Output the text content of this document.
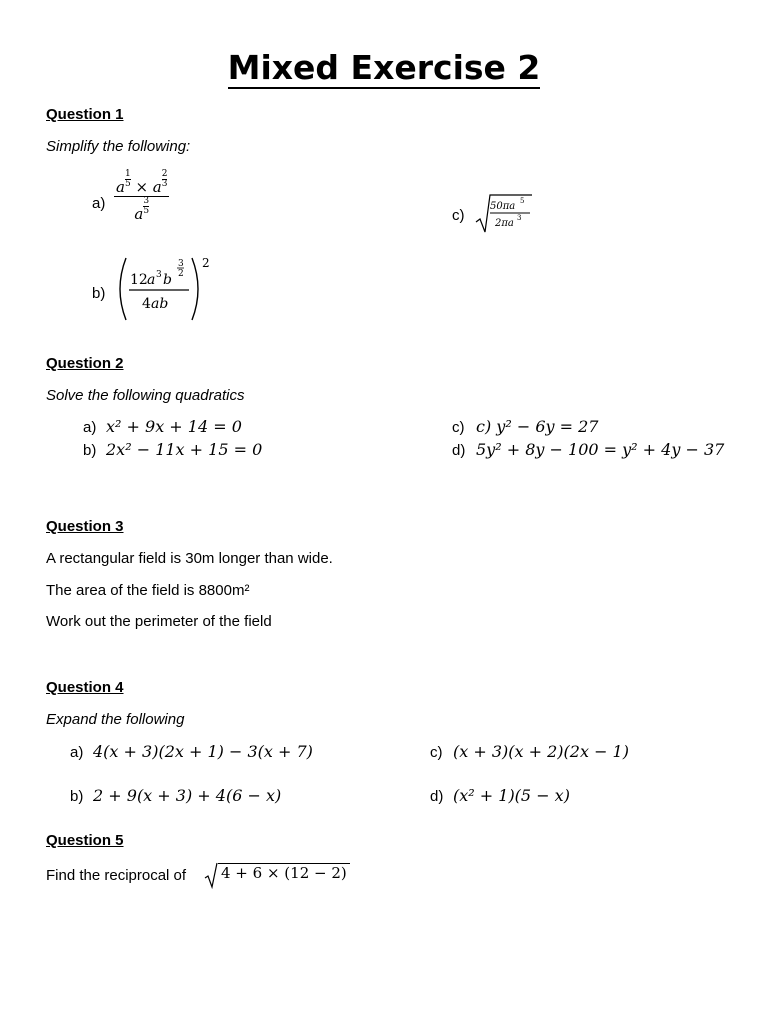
Mixed Exercise 2
Question 1
Simplify the following:
a) a $^{\frac{1}{5}}$ × a $^{\frac{2}{3}}$
a $^{\frac{3}{5}}$	c)
50πa 5
2πa 3
b)
12 a 3 b
3
2
4 ab
2
Question 2
Solve the following quadratics
a) x² + 9x + 14 = 0
b) 2x² − 11x + 15 = 0
c) c) y² − 6y = 27
d) 5y² + 8y − 100 = y² + 4y − 37
Question 3
A rectangular field is 30m longer than wide.
The area of the field is 8800m²
Work out the perimeter of the field
Question 4
Expand the following
a) 4(x + 3)(2x + 1) − 3(x + 7)
b) 2 + 9(x + 3) + 4(6 − x)
c) (x + 3)(x + 2)(2x − 1)
d) (x² + 1)(5 − x)
Question 5
Find the reciprocal of	4 + 6 × (12 − 2)
